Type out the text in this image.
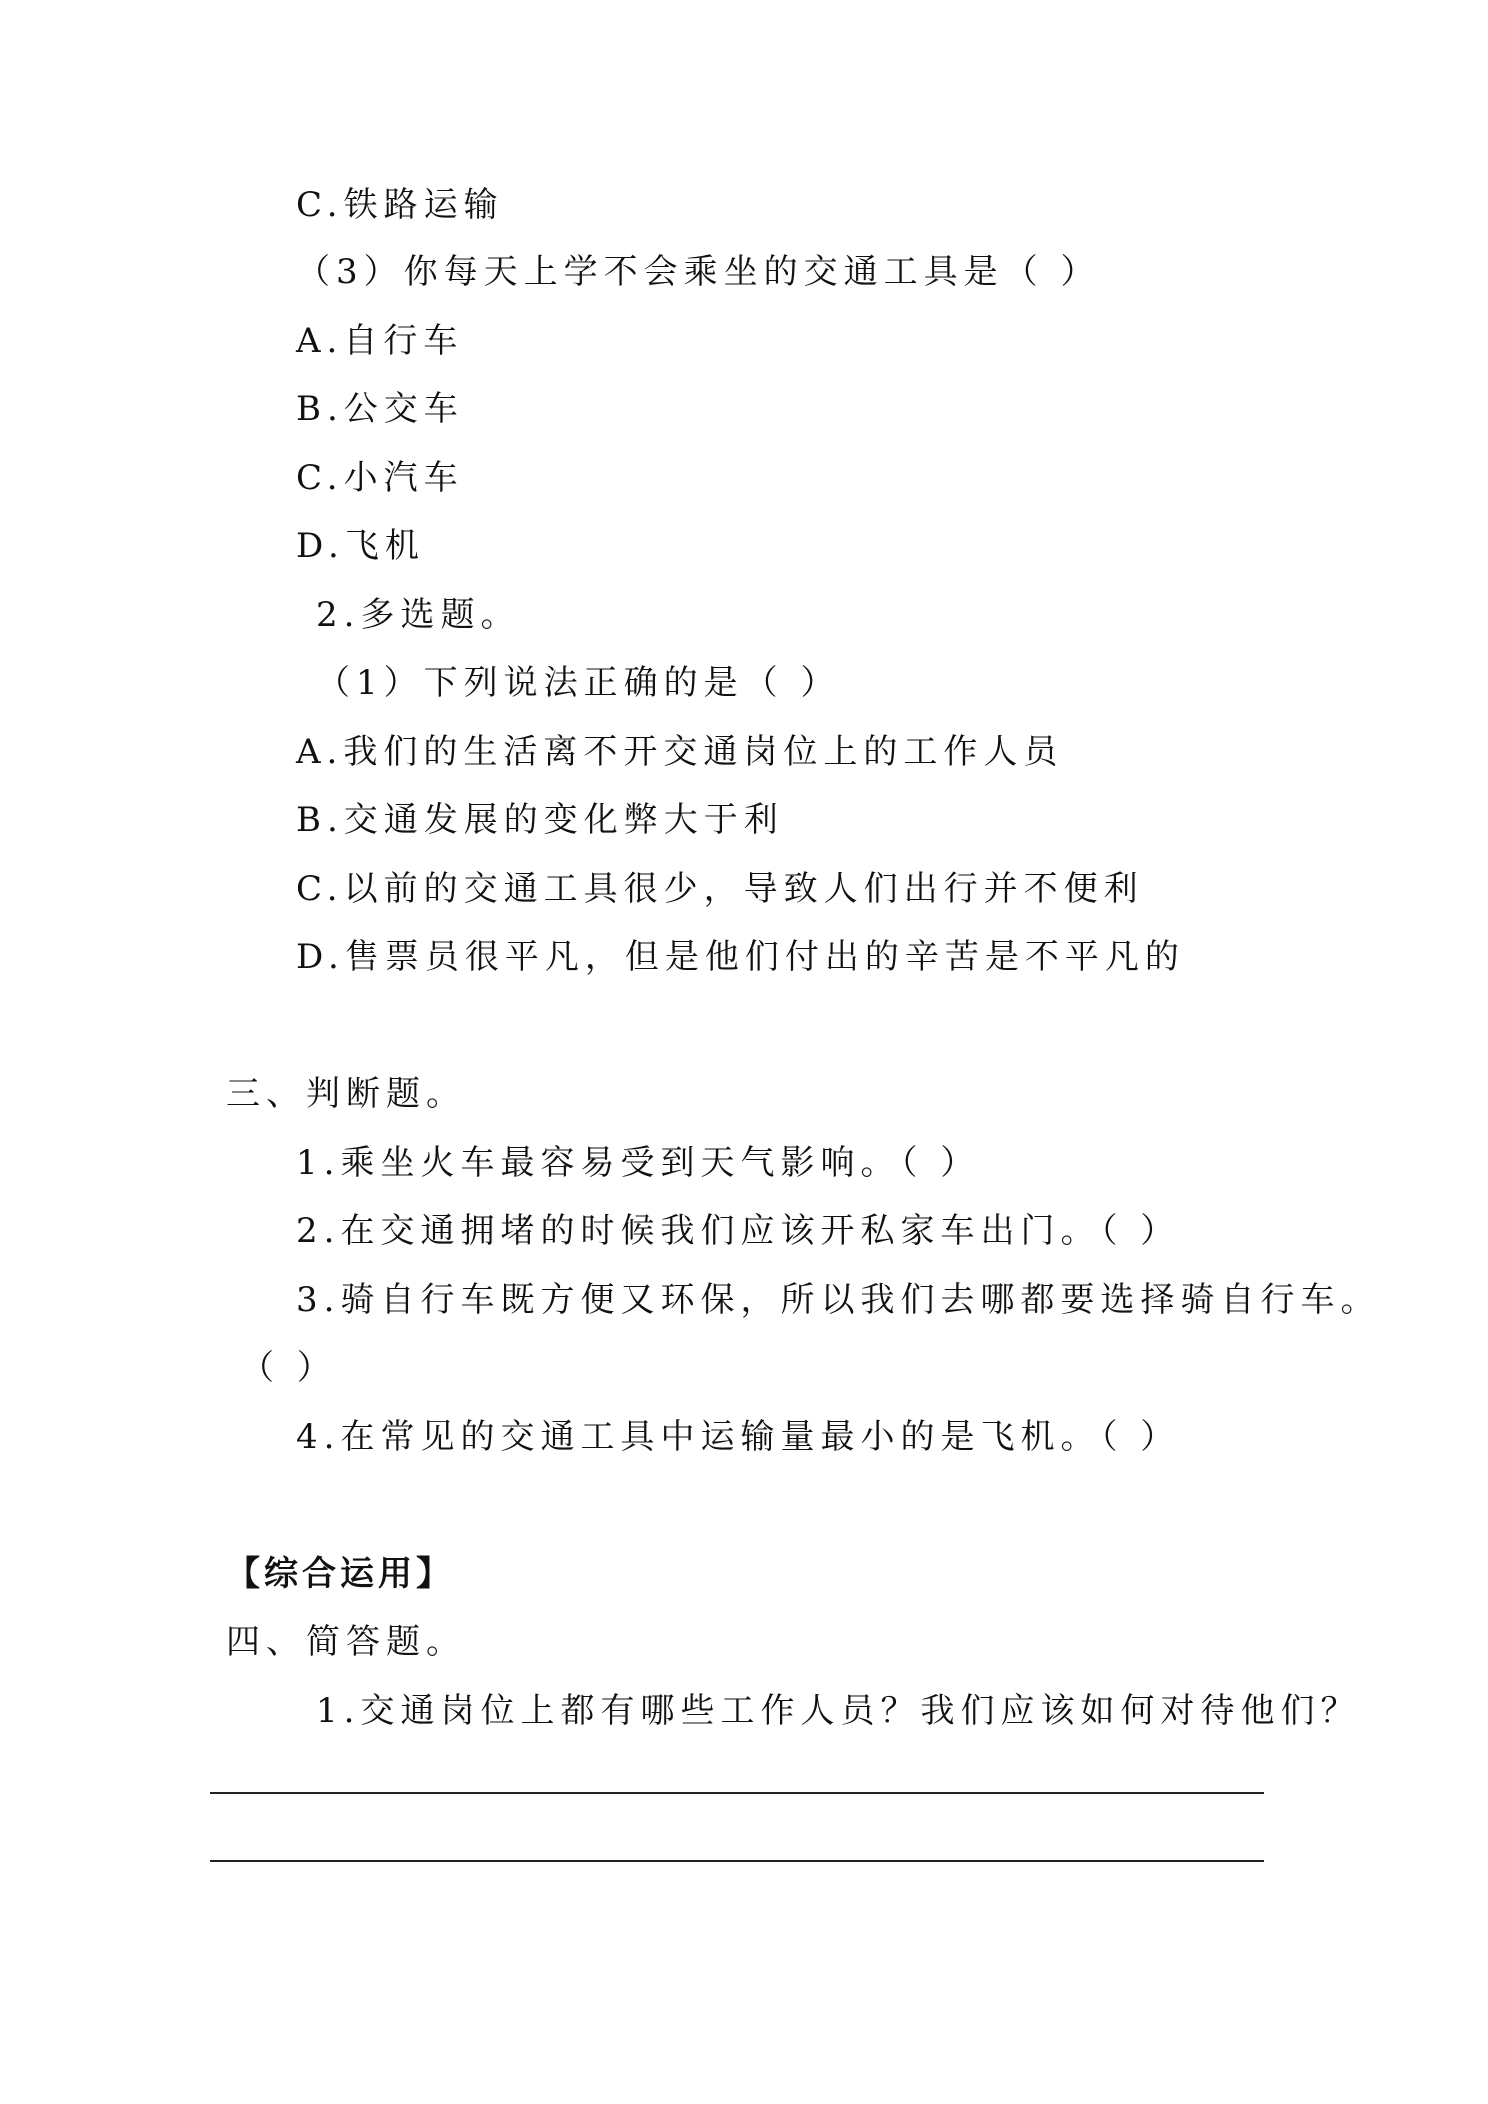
C.铁路运输
（3）你每天上学不会乘坐的交通工具是（ ）
A.自行车
B.公交车
C.小汽车
D.飞机
2.多选题。
（1）下列说法正确的是（ ）
A.我们的生活离不开交通岗位上的工作人员
B.交通发展的变化弊大于利
C.以前的交通工具很少，导致人们出行并不便利
D.售票员很平凡，但是他们付出的辛苦是不平凡的
三、判断题。
1.乘坐火车最容易受到天气影响。（ ）
2.在交通拥堵的时候我们应该开私家车出门。（ ）
3.骑自行车既方便又环保，所以我们去哪都要选择骑自行车。
（ ）
4.在常见的交通工具中运输量最小的是飞机。（ ）
【综合运用】
四、简答题。
1.交通岗位上都有哪些工作人员？我们应该如何对待他们？
